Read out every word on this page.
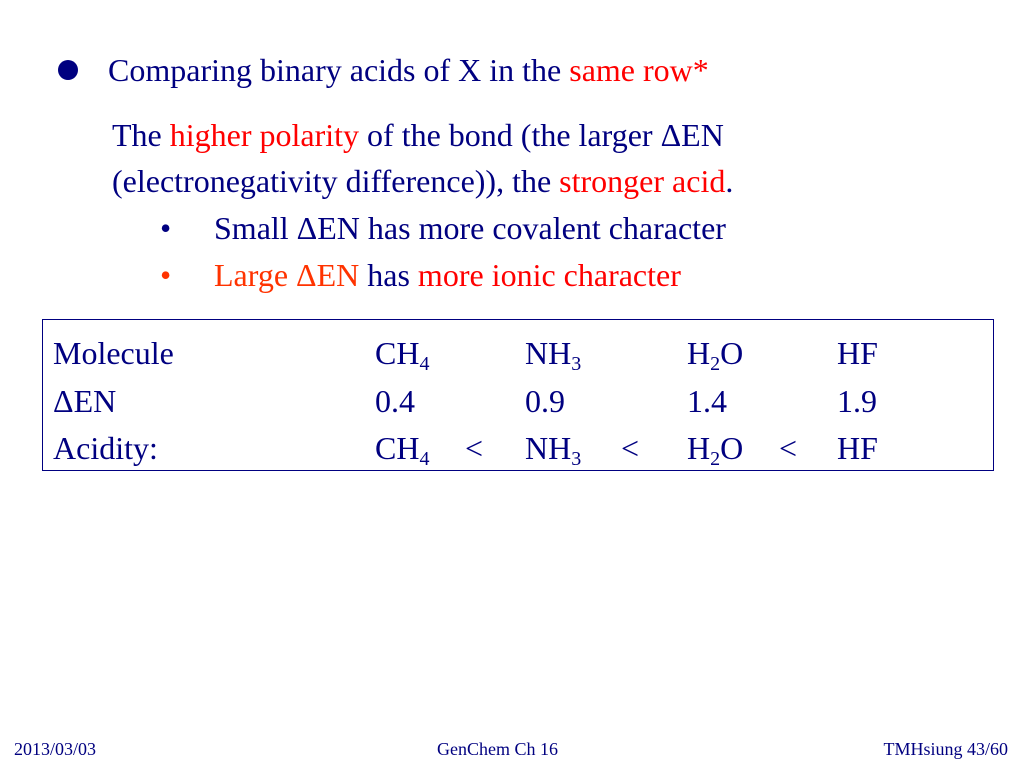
Comparing binary acids of X in the same row*
The higher polarity of the bond (the larger ΔEN
(electronegativity difference)), the stronger acid.
• Small ΔEN has more covalent character
• Large ΔEN has more ionic character
Molecule	$CH_4$	$NH_3$	$H_2O$	HF
ΔEN	0.4	0.9	1.4	1.9
Acidity:	$CH_4 < NH_3 < H_2O$ < HF
2013/03/03	GenChem Ch 16	TMHsiung 43/60
